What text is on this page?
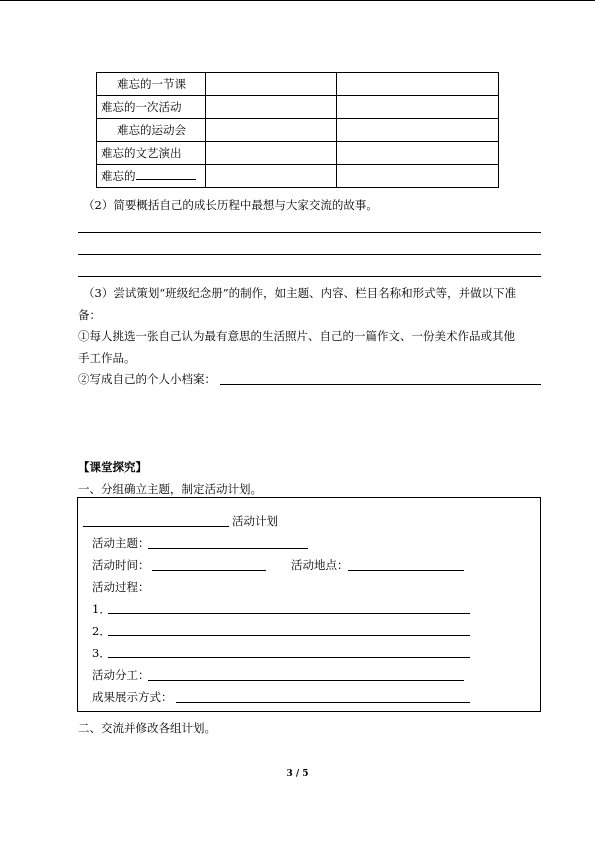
难忘的一节课		
难忘的一次活动		
难忘的运动会		
难忘的文艺演出		
难忘的		
（2）简要概括自己的成长历程中最想与大家交流的故事。
（3）尝试策划“班级纪念册”的制作，如主题、内容、栏目名称和形式等，并做以下准
备：
①每人挑选一张自己认为最有意思的生活照片、自己的一篇作文、一份美术作品或其他
手工作品。
②写成自己的个人小档案：
【课堂探究】
一、分组确立主题，制定活动计划。
活动计划
活动主题：
活动时间：	活动地点：
活动过程：
1．
2．
3．
活动分工：
成果展示方式：
二、交流并修改各组计划。
3 / 5
